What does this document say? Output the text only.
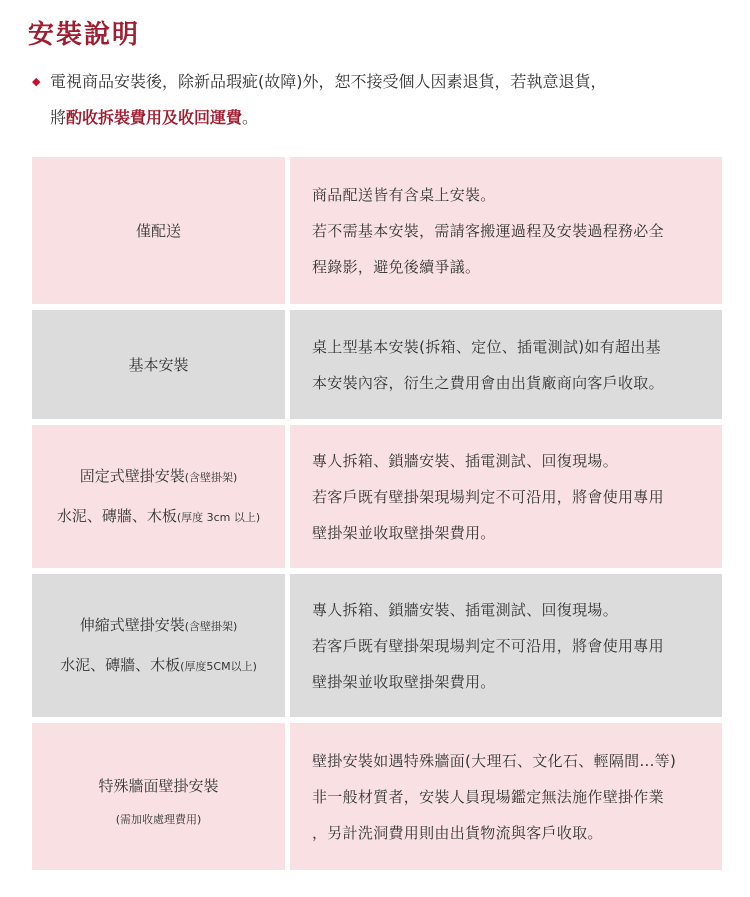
安裝說明
◆ 電視商品安裝後，除新品瑕疵(故障)外，恕不接受個人因素退貨，若執意退貨，
將酌收拆裝費用及收回運費。
僅配送
商品配送皆有含桌上安裝。
若不需基本安裝，需請客搬運過程及安裝過程務必全
程錄影，避免後續爭議。
基本安裝
桌上型基本安裝(拆箱、定位、插電測試)如有超出基
本安裝內容，衍生之費用會由出貨廠商向客戶收取。
固定式壁掛安裝(含壁掛架)
水泥、磚牆、木板(厚度 3cm 以上)
專人拆箱、鎖牆安裝、插電測試、回復現場。
若客戶既有壁掛架現場判定不可沿用，將會使用專用
壁掛架並收取壁掛架費用。
伸縮式壁掛安裝(含壁掛架)
水泥、磚牆、木板(厚度5CM以上)
專人拆箱、鎖牆安裝、插電測試、回復現場。
若客戶既有壁掛架現場判定不可沿用，將會使用專用
壁掛架並收取壁掛架費用。
特殊牆面壁掛安裝
(需加收處理費用)
壁掛安裝如遇特殊牆面(大理石、文化石、輕隔間...等)
非一般材質者，安裝人員現場鑑定無法施作壁掛作業
，另計洗洞費用則由出貨物流與客戶收取。
